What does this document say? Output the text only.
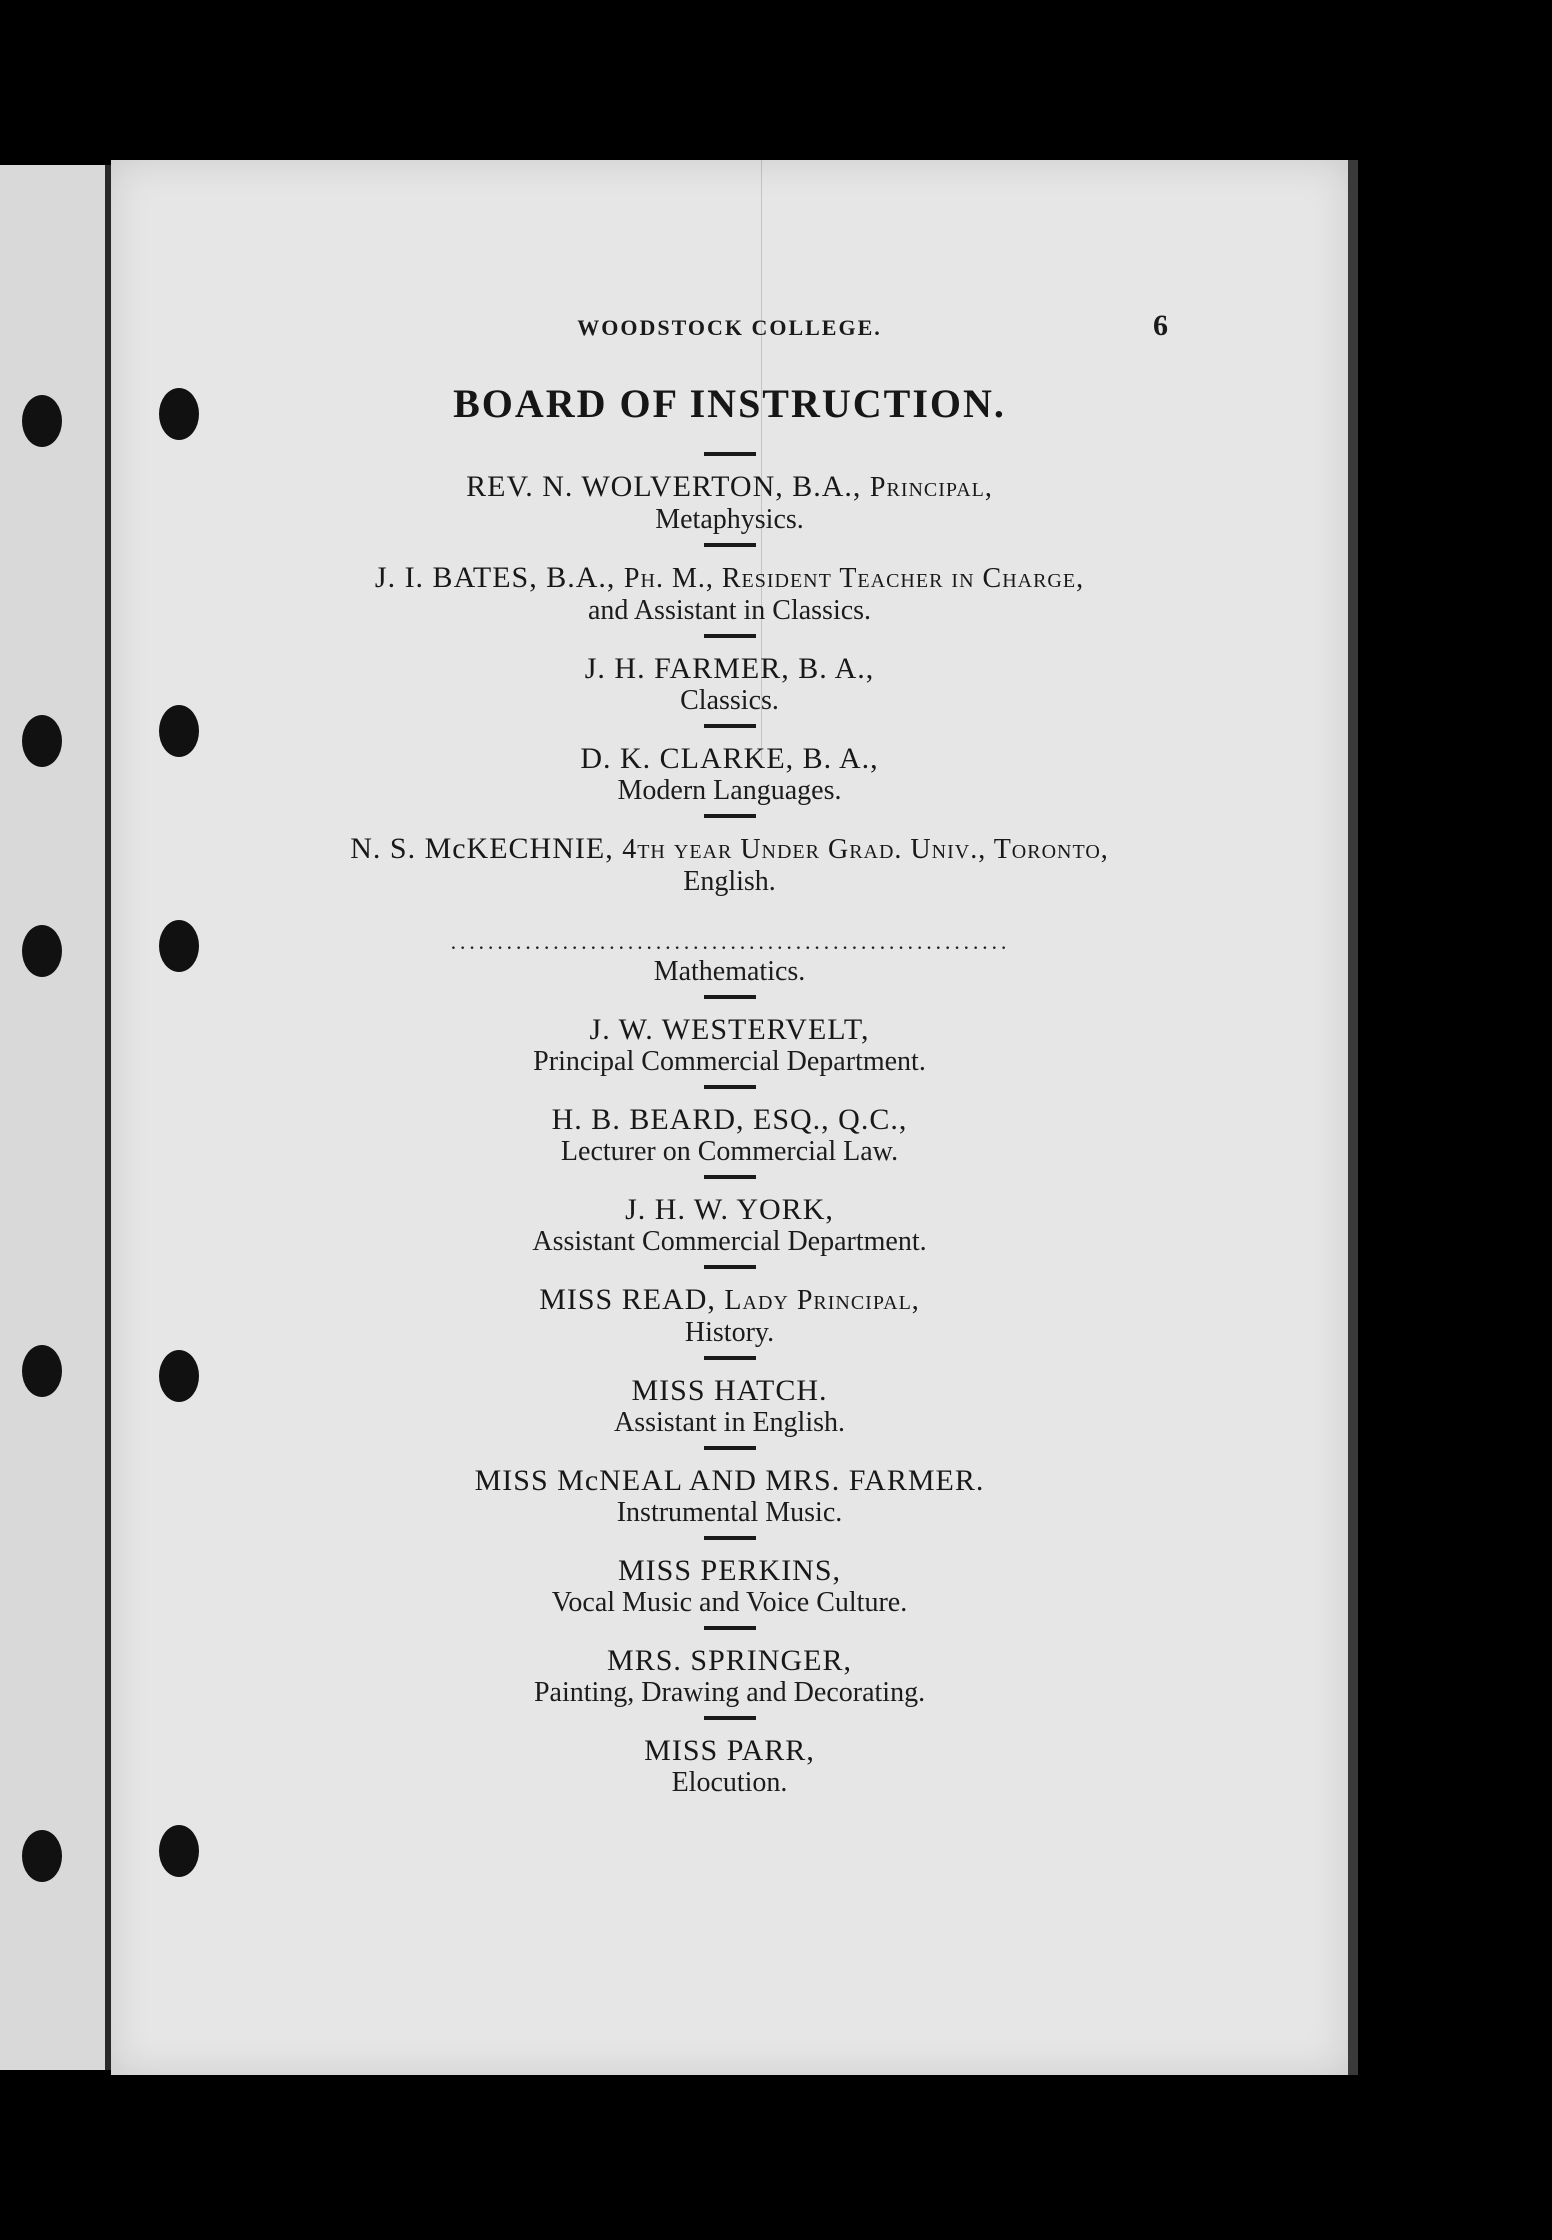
WOODSTOCK COLLEGE.	6
BOARD OF INSTRUCTION.
REV. N. WOLVERTON, B.A., Principal,
Metaphysics.
J. I. BATES, B.A., Ph. M., Resident Teacher in Charge,
and Assistant in Classics.
J. H. FARMER, B. A.,
Classics.
D. K. CLARKE, B. A.,
Modern Languages.
N. S. McKECHNIE, 4th year Under Grad. Univ., Toronto,
English.
····························································
Mathematics.
J. W. WESTERVELT,
Principal Commercial Department.
H. B. BEARD, ESQ., Q.C.,
Lecturer on Commercial Law.
J. H. W. YORK,
Assistant Commercial Department.
MISS READ, Lady Principal,
History.
MISS HATCH.
Assistant in English.
MISS McNEAL AND MRS. FARMER.
Instrumental Music.
MISS PERKINS,
Vocal Music and Voice Culture.
MRS. SPRINGER,
Painting, Drawing and Decorating.
MISS PARR,
Elocution.
